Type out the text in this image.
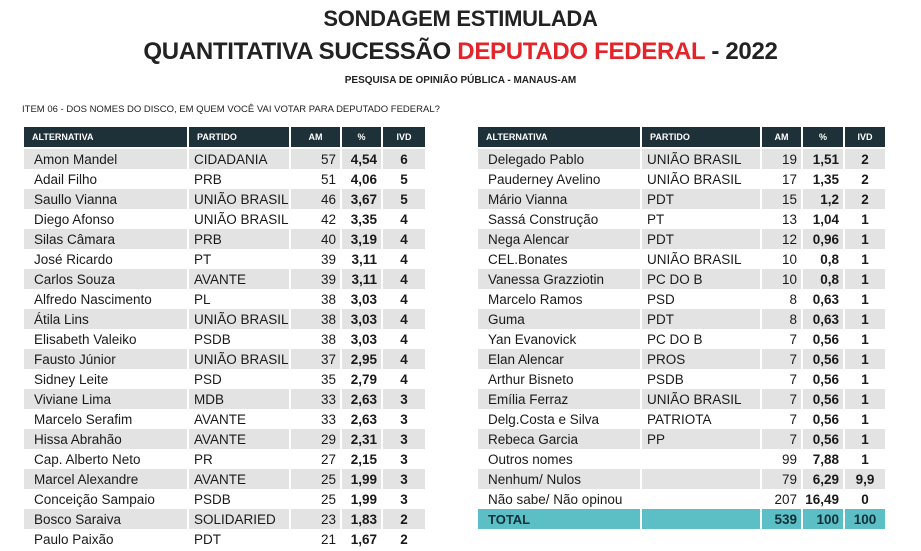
SONDAGEM ESTIMULADA
QUANTITATIVA SUCESSÃO DEPUTADO FEDERAL - 2022
PESQUISA DE OPINIÃO PÚBLICA - MANAUS-AM
ITEM 06 - DOS NOMES DO DISCO, EM QUEM VOCÊ VAI VOTAR PARA DEPUTADO FEDERAL?
ALTERNATIVA	PARTIDO	AM	%	IVD
Amon Mandel	CIDADANIA	57	4,54	6
Adail Filho	PRB	51	4,06	5
Saullo Vianna	UNIÃO BRASIL	46	3,67	5
Diego Afonso	UNIÃO BRASIL	42	3,35	4
Silas Câmara	PRB	40	3,19	4
José Ricardo	PT	39	3,11	4
Carlos Souza	AVANTE	39	3,11	4
Alfredo Nascimento	PL	38	3,03	4
Átila Lins	UNIÃO BRASIL	38	3,03	4
Elisabeth Valeiko	PSDB	38	3,03	4
Fausto Júnior	UNIÃO BRASIL	37	2,95	4
Sidney Leite	PSD	35	2,79	4
Viviane Lima	MDB	33	2,63	3
Marcelo Serafim	AVANTE	33	2,63	3
Hissa Abrahão	AVANTE	29	2,31	3
Cap. Alberto Neto	PR	27	2,15	3
Marcel Alexandre	AVANTE	25	1,99	3
Conceição Sampaio	PSDB	25	1,99	3
Bosco Saraiva	SOLIDARIED	23	1,83	2
Paulo Paixão	PDT	21	1,67	2
ALTERNATIVA	PARTIDO	AM	%	IVD
Delegado Pablo	UNIÃO BRASIL	19	1,51	2
Pauderney Avelino	UNIÃO BRASIL	17	1,35	2
Mário Vianna	PDT	15	1,2	2
Sassá Construção	PT	13	1,04	1
Nega Alencar	PDT	12	0,96	1
CEL.Bonates	UNIÃO BRASIL	10	0,8	1
Vanessa Grazziotin	PC DO B	10	0,8	1
Marcelo Ramos	PSD	8	0,63	1
Guma	PDT	8	0,63	1
Yan Evanovick	PC DO B	7	0,56	1
Elan Alencar	PROS	7	0,56	1
Arthur Bisneto	PSDB	7	0,56	1
Emília Ferraz	UNIÃO BRASIL	7	0,56	1
Delg.Costa e Silva	PATRIOTA	7	0,56	1
Rebeca Garcia	PP	7	0,56	1
Outros nomes		99	7,88	1
Nenhum/ Nulos		79	6,29	9,9
Não sabe/ Não opinou		207	16,49	0
TOTAL		539	100	100
